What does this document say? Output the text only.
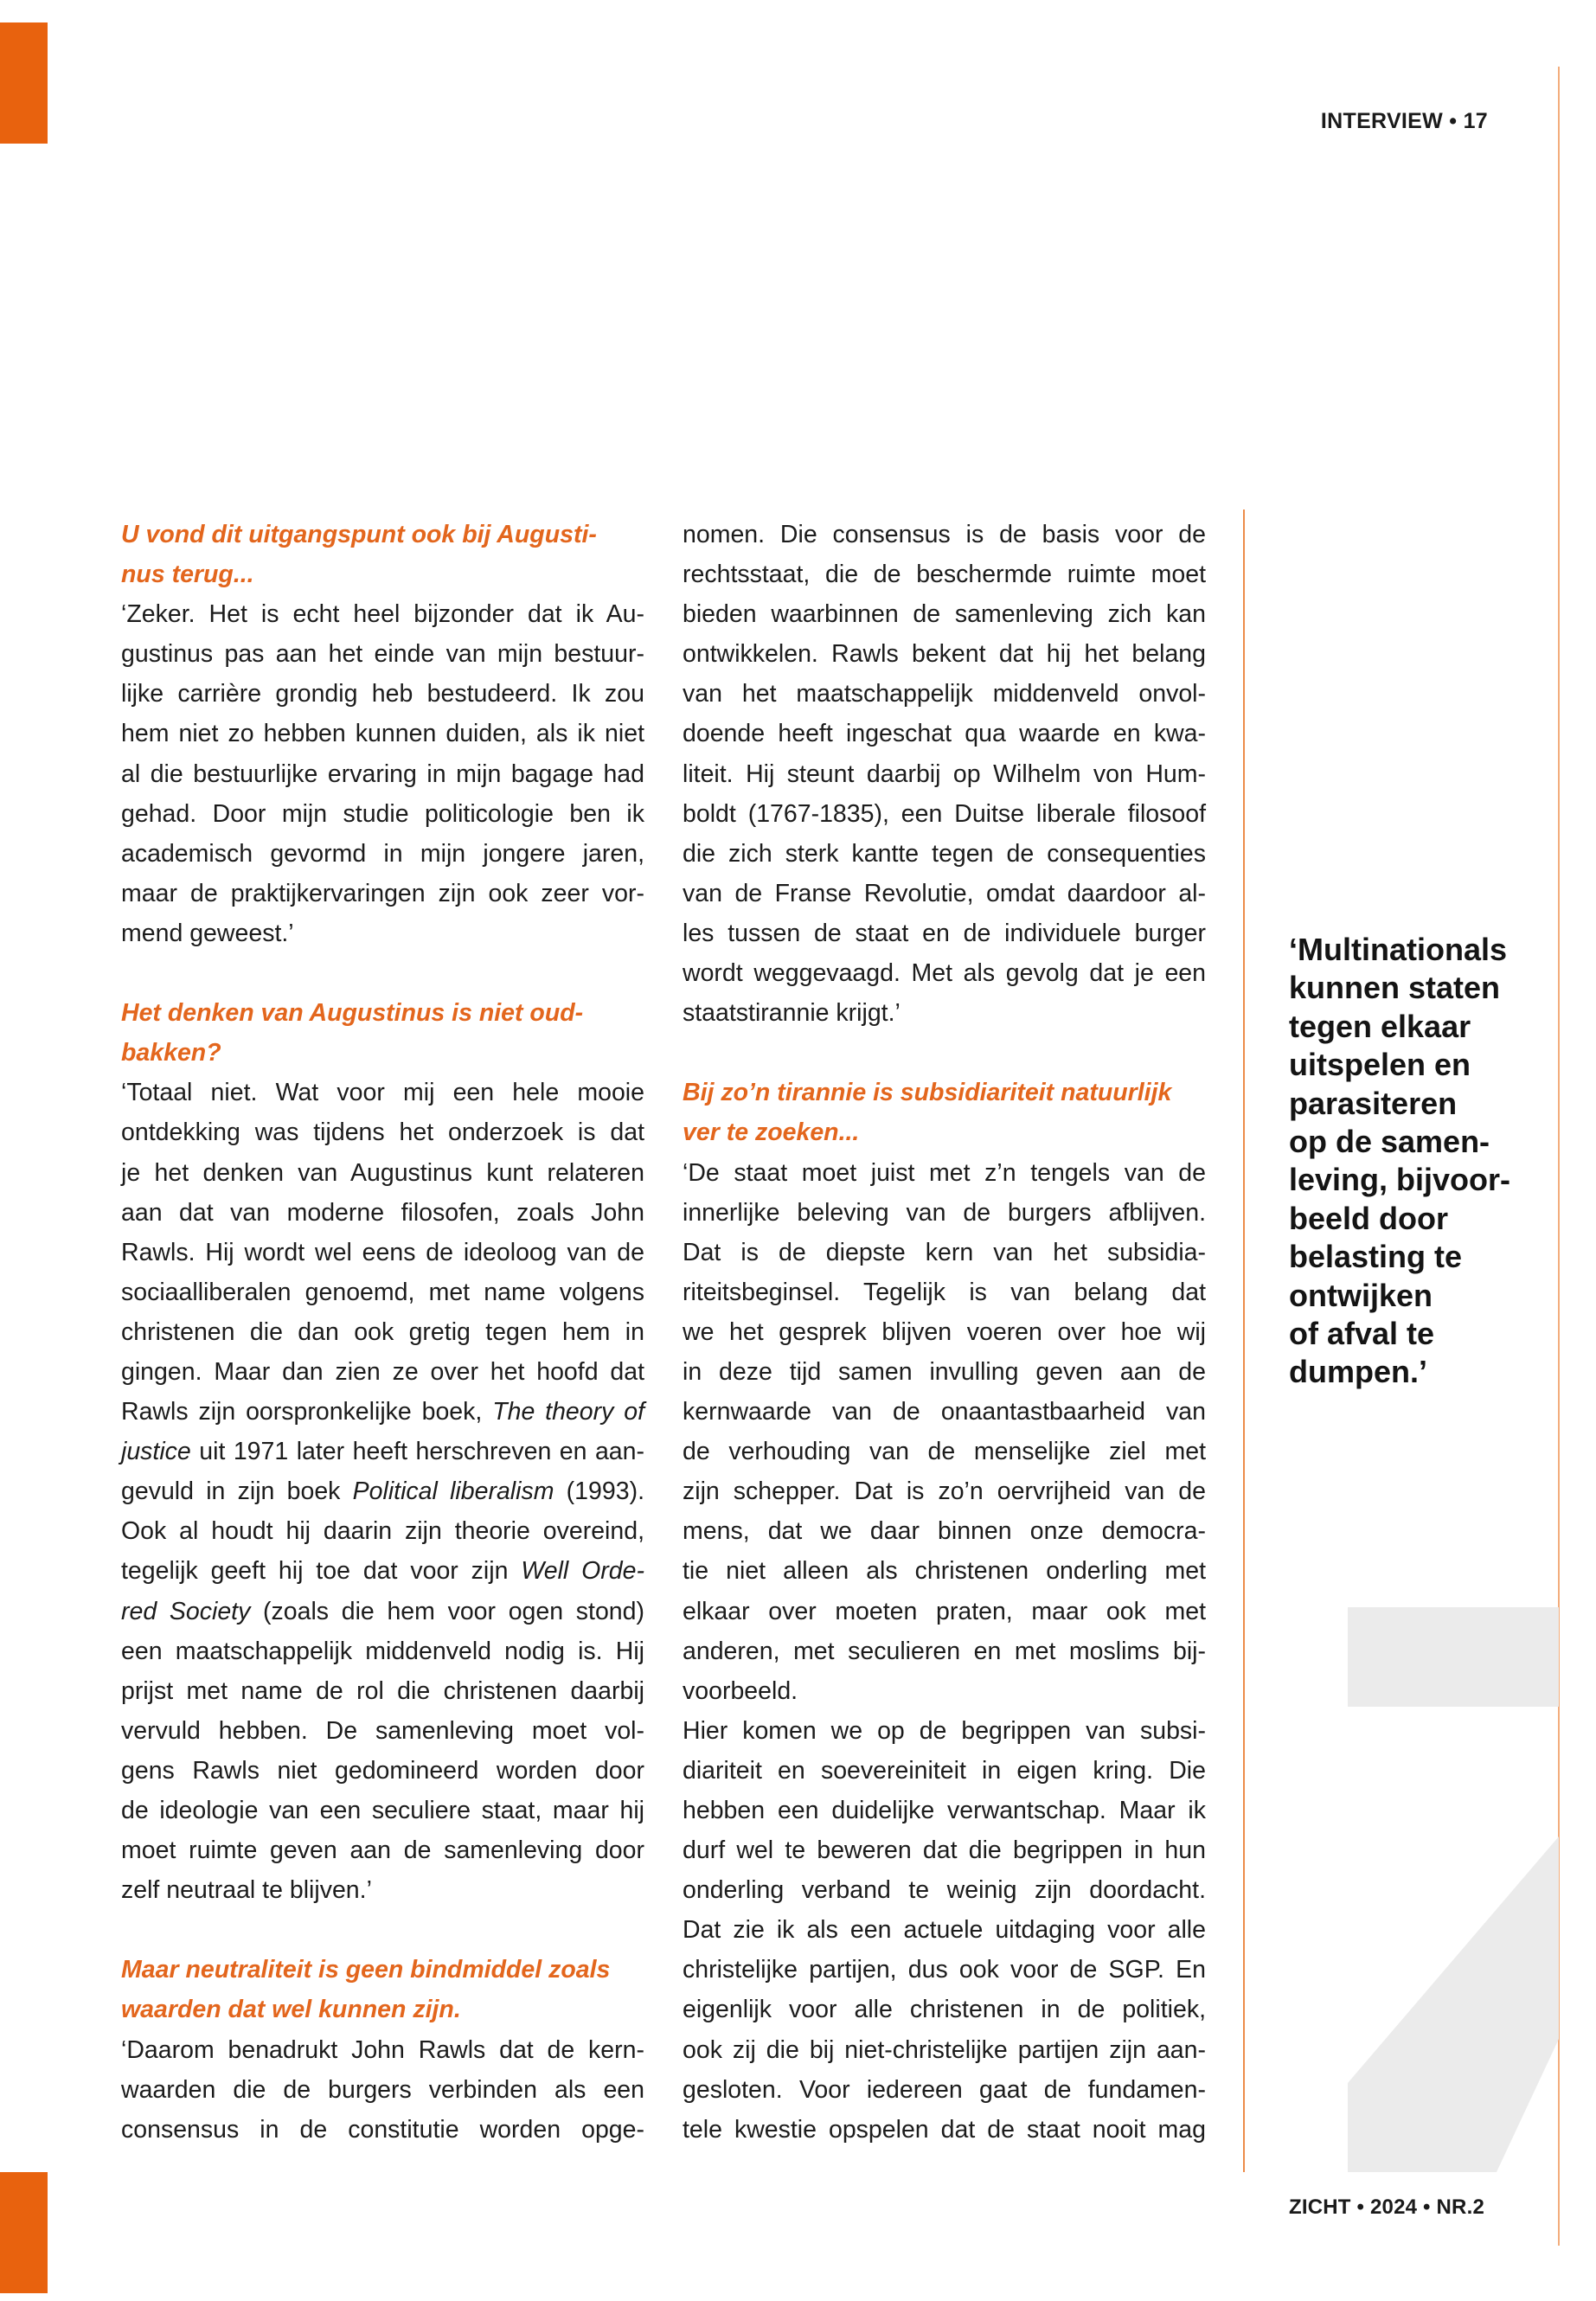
INTERVIEW • 17
U vond dit uitgangspunt ook bij Augusti-
nus terug...
‘Zeker. Het is echt heel bijzonder dat ik Au-
gustinus pas aan het einde van mijn bestuur-
lijke carrière grondig heb bestudeerd. Ik zou
hem niet zo hebben kunnen duiden, als ik niet
al die bestuurlijke ervaring in mijn bagage had
gehad. Door mijn studie politicologie ben ik
academisch gevormd in mijn jongere jaren,
maar de praktijkervaringen zijn ook zeer vor-
mend geweest.’
Het denken van Augustinus is niet oud-
bakken?
‘Totaal niet. Wat voor mij een hele mooie
ontdekking was tijdens het onderzoek is dat
je het denken van Augustinus kunt relateren
aan dat van moderne filosofen, zoals John
Rawls. Hij wordt wel eens de ideoloog van de
sociaalliberalen genoemd, met name volgens
christenen die dan ook gretig tegen hem in
gingen. Maar dan zien ze over het hoofd dat
Rawls zijn oorspronkelijke boek, The theory of
justice uit 1971 later heeft herschreven en aan-
gevuld in zijn boek Political liberalism (1993).
Ook al houdt hij daarin zijn theorie overeind,
tegelijk geeft hij toe dat voor zijn Well Orde-
red Society (zoals die hem voor ogen stond)
een maatschappelijk middenveld nodig is. Hij
prijst met name de rol die christenen daarbij
vervuld hebben. De samenleving moet vol-
gens Rawls niet gedomineerd worden door
de ideologie van een seculiere staat, maar hij
moet ruimte geven aan de samenleving door
zelf neutraal te blijven.’
Maar neutraliteit is geen bindmiddel zoals
waarden dat wel kunnen zijn.
‘Daarom benadrukt John Rawls dat de kern-
waarden die de burgers verbinden als een
consensus in de constitutie worden opge-
nomen. Die consensus is de basis voor de
rechtsstaat, die de beschermde ruimte moet
bieden waarbinnen de samenleving zich kan
ontwikkelen. Rawls bekent dat hij het belang
van het maatschappelijk middenveld onvol-
doende heeft ingeschat qua waarde en kwa-
liteit. Hij steunt daarbij op Wilhelm von Hum-
boldt (1767-1835), een Duitse liberale filosoof
die zich sterk kantte tegen de consequenties
van de Franse Revolutie, omdat daardoor al-
les tussen de staat en de individuele burger
wordt weggevaagd. Met als gevolg dat je een
staatstirannie krijgt.’
Bij zo’n tirannie is subsidiariteit natuurlijk
ver te zoeken...
‘De staat moet juist met z’n tengels van de
innerlijke beleving van de burgers afblijven.
Dat is de diepste kern van het subsidia-
riteitsbeginsel. Tegelijk is van belang dat
we het gesprek blijven voeren over hoe wij
in deze tijd samen invulling geven aan de
kernwaarde van de onaantastbaarheid van
de verhouding van de menselijke ziel met
zijn schepper. Dat is zo’n oervrijheid van de
mens, dat we daar binnen onze democra-
tie niet alleen als christenen onderling met
elkaar over moeten praten, maar ook met
anderen, met seculieren en met moslims bij-
voorbeeld.
Hier komen we op de begrippen van subsi-
diariteit en soevereiniteit in eigen kring. Die
hebben een duidelijke verwantschap. Maar ik
durf wel te beweren dat die begrippen in hun
onderling verband te weinig zijn doordacht.
Dat zie ik als een actuele uitdaging voor alle
christelijke partijen, dus ook voor de SGP. En
eigenlijk voor alle christenen in de politiek,
ook zij die bij niet-christelijke partijen zijn aan-
gesloten. Voor iedereen gaat de fundamen-
tele kwestie opspelen dat de staat nooit mag
‘Multinationals
kunnen staten
tegen elkaar
uitspelen en
parasiteren
op de samen-
leving, bijvoor-
beeld door
belasting te
ontwijken
of afval te
dumpen.’
ZICHT • 2024 • NR.2
